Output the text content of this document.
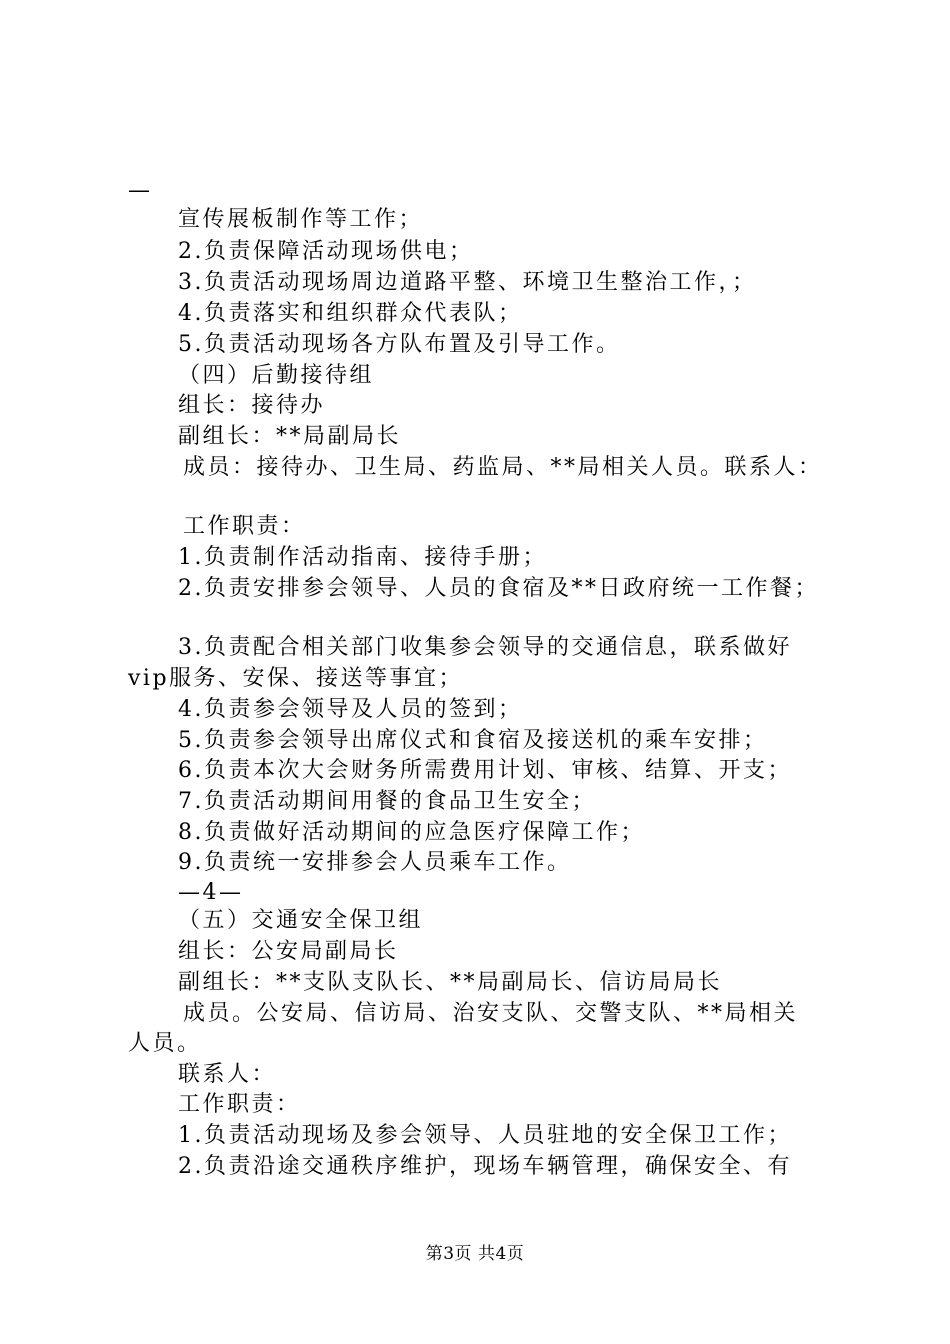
—
宣传展板制作等工作；
2.负责保障活动现场供电；
3.负责活动现场周边道路平整、环境卫生整治工作，；
4.负责落实和组织群众代表队；
5.负责活动现场各方队布置及引导工作。
（四）后勤接待组
组长：接待办
副组长：**局副局长
成员：接待办、卫生局、药监局、**局相关人员。联系人：
工作职责：
1.负责制作活动指南、接待手册；
2.负责安排参会领导、人员的食宿及**日政府统一工作餐；
3.负责配合相关部门收集参会领导的交通信息，联系做好
vip服务、安保、接送等事宜；
4.负责参会领导及人员的签到；
5.负责参会领导出席仪式和食宿及接送机的乘车安排；
6.负责本次大会财务所需费用计划、审核、结算、开支；
7.负责活动期间用餐的食品卫生安全；
8.负责做好活动期间的应急医疗保障工作；
9.负责统一安排参会人员乘车工作。
—4—
（五）交通安全保卫组
组长：公安局副局长
副组长：**支队支队长、**局副局长、信访局局长
成员。公安局、信访局、治安支队、交警支队、**局相关
人员。
联系人：
工作职责：
1.负责活动现场及参会领导、人员驻地的安全保卫工作；
2.负责沿途交通秩序维护，现场车辆管理，确保安全、有
第3页 共4页
